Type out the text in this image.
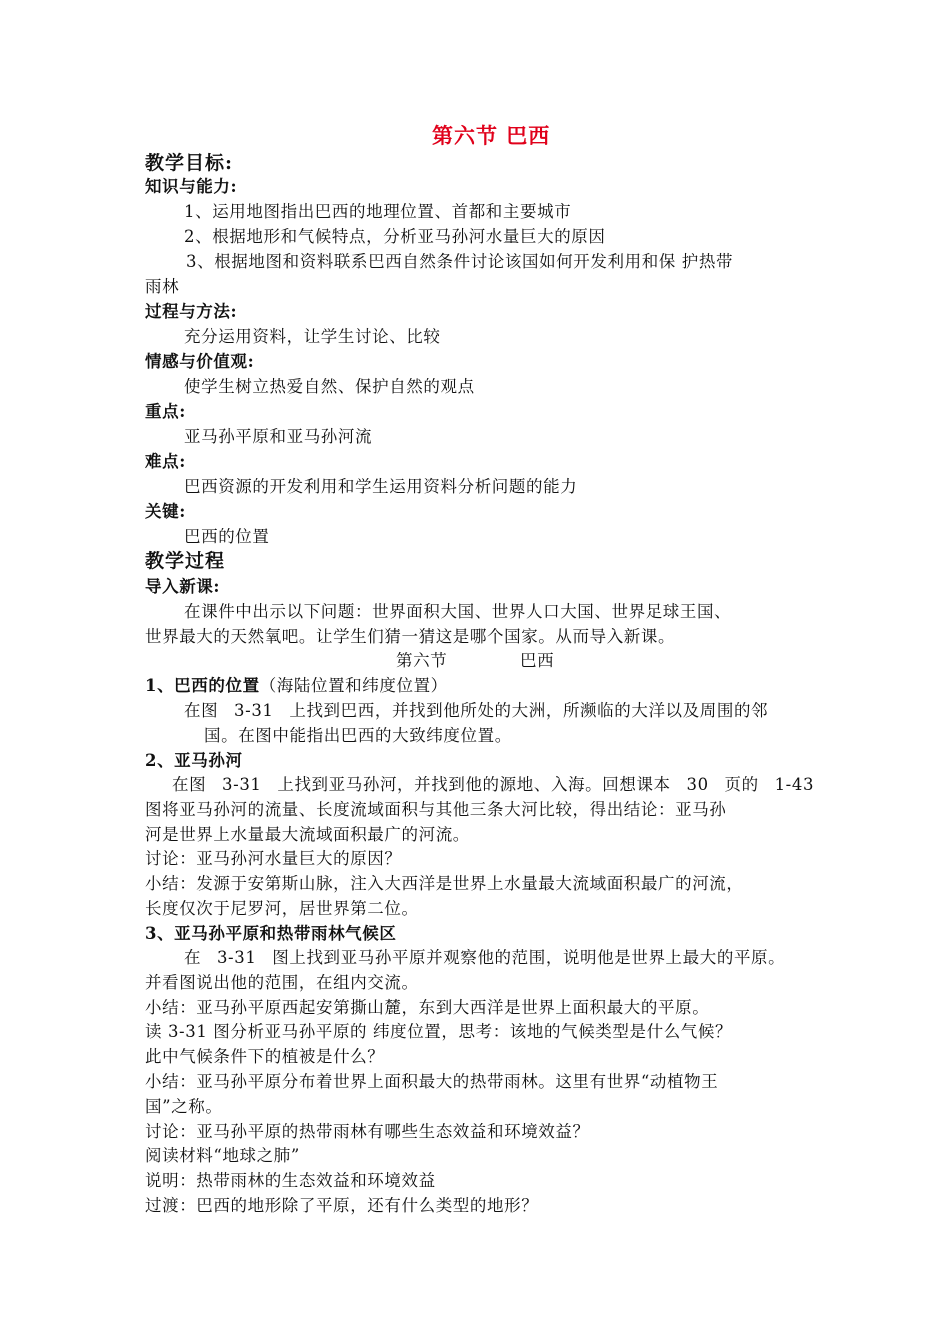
第六节 巴西
教学目标:
知识与能力:
1、运用地图指出巴西的地理位置、首都和主要城市
2、根据地形和气候特点，分析亚马孙河水量巨大的原因
3、根据地图和资料联系巴西自然条件讨论该国如何开发利用和保 护热带
雨林
过程与方法:
充分运用资料，让学生讨论、比较
情感与价值观:
使学生树立热爱自然、保护自然的观点
重点:
亚马孙平原和亚马孙河流
难点:
巴西资源的开发利用和学生运用资料分析问题的能力
关键:
巴西的位置
教学过程
导入新课:
在课件中出示以下问题：世界面积大国、世界人口大国、世界足球王国、
世界最大的天然氧吧。让学生们猜一猜这是哪个国家。从而导入新课。
第六节	巴西
1、巴西的位置（海陆位置和纬度位置）
在图 3-31 上找到巴西，并找到他所处的大洲，所濒临的大洋以及周围的邻
国。在图中能指出巴西的大致纬度位置。
2、亚马孙河
在图 3-31 上找到亚马孙河，并找到他的源地、入海。回想课本 30 页的 1-43
图将亚马孙河的流量、长度流域面积与其他三条大河比较，得出结论：亚马孙
河是世界上水量最大流域面积最广的河流。
讨论：亚马孙河水量巨大的原因？
小结：发源于安第斯山脉，注入大西洋是世界上水量最大流域面积最广的河流，
长度仅次于尼罗河，居世界第二位。
3、亚马孙平原和热带雨林气候区
在 3-31 图上找到亚马孙平原并观察他的范围，说明他是世界上最大的平原。
并看图说出他的范围，在组内交流。
小结：亚马孙平原西起安第撕山麓，东到大西洋是世界上面积最大的平原。
读 3-31 图分析亚马孙平原的 纬度位置，思考：该地的气候类型是什么气候？
此中气候条件下的植被是什么？
小结：亚马孙平原分布着世界上面积最大的热带雨林。这里有世界“动植物王
国”之称。
讨论：亚马孙平原的热带雨林有哪些生态效益和环境效益？
阅读材料“地球之肺”
说明：热带雨林的生态效益和环境效益
过渡：巴西的地形除了平原，还有什么类型的地形？
